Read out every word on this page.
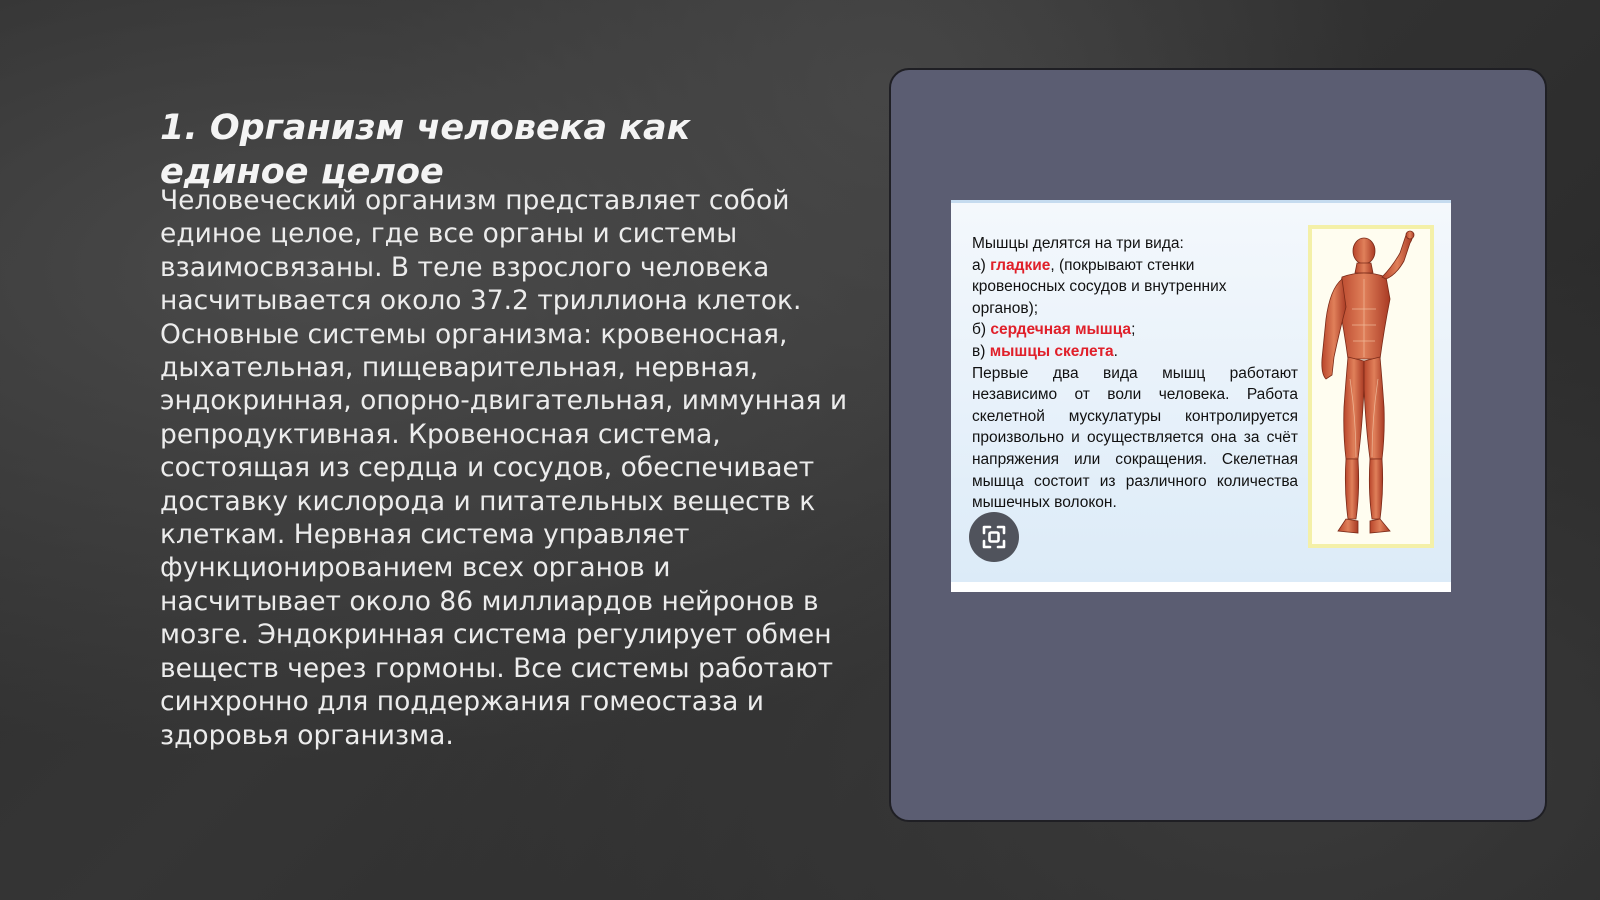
1. Организм человека как единое целое

Человеческий организм представляет собой единое целое, где все органы и системы взаимосвязаны. В теле взрослого человека насчитывается около 37.2 триллиона клеток. Основные системы организма: кровеносная, дыхательная, пищеварительная, нервная, эндокринная, опорно-двигательная, иммунная и репродуктивная. Кровеносная система, состоящая из сердца и сосудов, обеспечивает доставку кислорода и питательных веществ к клеткам. Нервная система управляет функционированием всех органов и насчитывает около 86 миллиардов нейронов в мозге. Эндокринная система регулирует обмен веществ через гормоны. Все системы работают синхронно для поддержания гомеостаза и здоровья организма.

Мышцы делятся на три вида:
а) гладкие, (покрывают стенки
кровеносных сосудов и внутренних
органов);
б) сердечная мышца;
в) мышцы скелета.
Первые два вида мышц работают независимо от воли человека. Работа скелетной мускулатуры контролируется произвольно и осуществляется она за счёт напряжения или сокращения. Скелетная мышца состоит из различного количества мышечных волокон.
